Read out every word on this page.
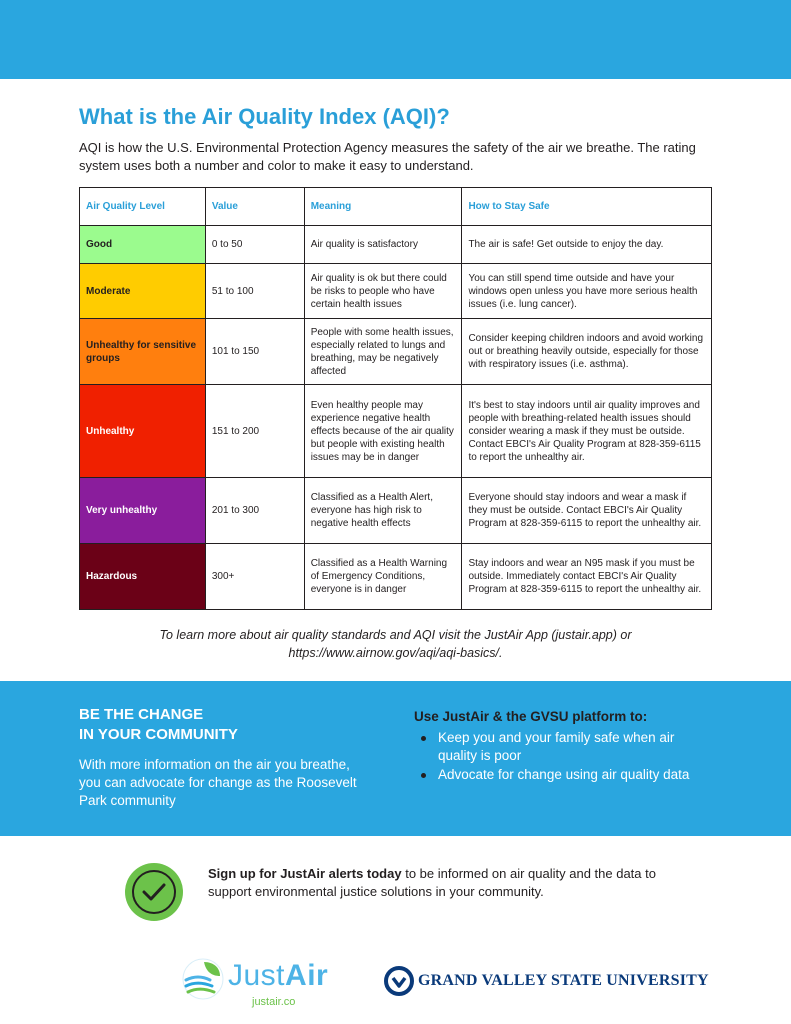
What is the Air Quality Index (AQI)?

AQI is how the U.S. Environmental Protection Agency measures the safety of the air we breathe. The rating system uses both a number and color to make it easy to understand.

Air Quality Level	Value	Meaning	How to Stay Safe
Good	0 to 50	Air quality is satisfactory	The air is safe! Get outside to enjoy the day.
Moderate	51 to 100	Air quality is ok but there could be risks to people who have certain health issues	You can still spend time outside and have your windows open unless you have more serious health issues (i.e. lung cancer).
Unhealthy for sensitive groups	101 to 150	People with some health issues, especially related to lungs and breathing, may be negatively affected	Consider keeping children indoors and avoid working out or breathing heavily outside, especially for those with respiratory issues (i.e. asthma).
Unhealthy	151 to 200	Even healthy people may experience negative health effects because of the air quality but people with existing health issues may be in danger	It's best to stay indoors until air quality improves and people with breathing-related health issues should consider wearing a mask if they must be outside. Contact EBCI's Air Quality Program at 828-359-6115 to report the unhealthy air.
Very unhealthy	201 to 300	Classified as a Health Alert, everyone has high risk to negative health effects	Everyone should stay indoors and wear a mask if they must be outside. Contact EBCI's Air Quality Program at 828-359-6115 to report the unhealthy air.
Hazardous	300+	Classified as a Health Warning of Emergency Conditions, everyone is in danger	Stay indoors and wear an N95 mask if you must be outside. Immediately contact EBCI's Air Quality Program at 828-359-6115 to report the unhealthy air.

To learn more about air quality standards and AQI visit the JustAir App (justair.app) or https://www.airnow.gov/aqi/aqi-basics/.

BE THE CHANGE
IN YOUR COMMUNITY

With more information on the air you breathe, you can advocate for change as the Roosevelt Park community

Use JustAir & the GVSU platform to:
Keep you and your family safe when air quality is poor
Advocate for change using air quality data

Sign up for JustAir alerts today to be informed on air quality and the data to support environmental justice solutions in your community.

JustAir
justair.co
GRAND VALLEY STATE UNIVERSITY
